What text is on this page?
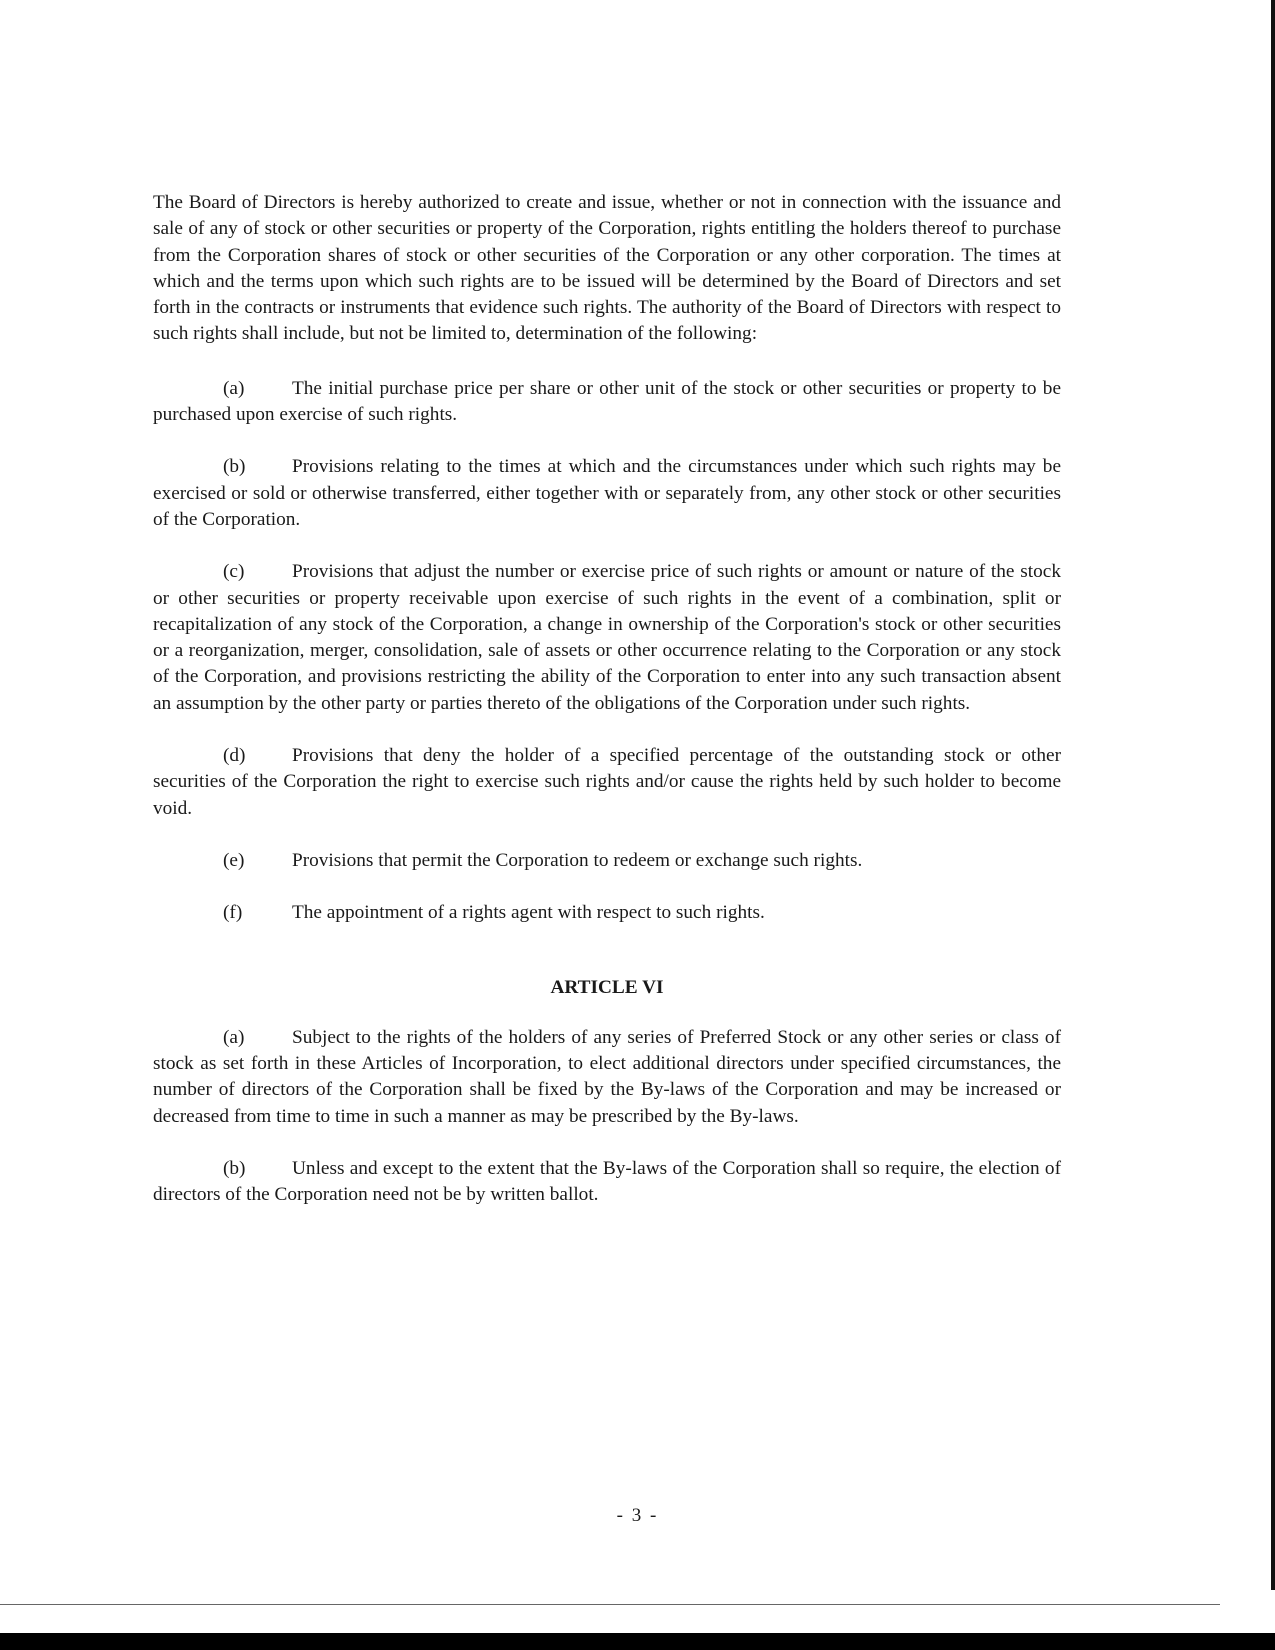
The Board of Directors is hereby authorized to create and issue, whether or not in connection with the issuance and sale of any of stock or other securities or property of the Corporation, rights entitling the holders thereof to purchase from the Corporation shares of stock or other securities of the Corporation or any other corporation. The times at which and the terms upon which such rights are to be issued will be determined by the Board of Directors and set forth in the contracts or instruments that evidence such rights. The authority of the Board of Directors with respect to such rights shall include, but not be limited to, determination of the following:

(a) The initial purchase price per share or other unit of the stock or other securities or property to be purchased upon exercise of such rights.

(b) Provisions relating to the times at which and the circumstances under which such rights may be exercised or sold or otherwise transferred, either together with or separately from, any other stock or other securities of the Corporation.

(c) Provisions that adjust the number or exercise price of such rights or amount or nature of the stock or other securities or property receivable upon exercise of such rights in the event of a combination, split or recapitalization of any stock of the Corporation, a change in ownership of the Corporation's stock or other securities or a reorganization, merger, consolidation, sale of assets or other occurrence relating to the Corporation or any stock of the Corporation, and provisions restricting the ability of the Corporation to enter into any such transaction absent an assumption by the other party or parties thereto of the obligations of the Corporation under such rights.

(d) Provisions that deny the holder of a specified percentage of the outstanding stock or other securities of the Corporation the right to exercise such rights and/or cause the rights held by such holder to become void.

(e) Provisions that permit the Corporation to redeem or exchange such rights.

(f)	The appointment of a rights agent with respect to such rights.

ARTICLE VI

(a) Subject to the rights of the holders of any series of Preferred Stock or any other series or class of stock as set forth in these Articles of Incorporation, to elect additional directors under specified circumstances, the number of directors of the Corporation shall be fixed by the By-laws of the Corporation and may be increased or decreased from time to time in such a manner as may be prescribed by the By-laws.

(b) Unless and except to the extent that the By-laws of the Corporation shall so require, the election of directors of the Corporation need not be by written ballot.

- 3 -
